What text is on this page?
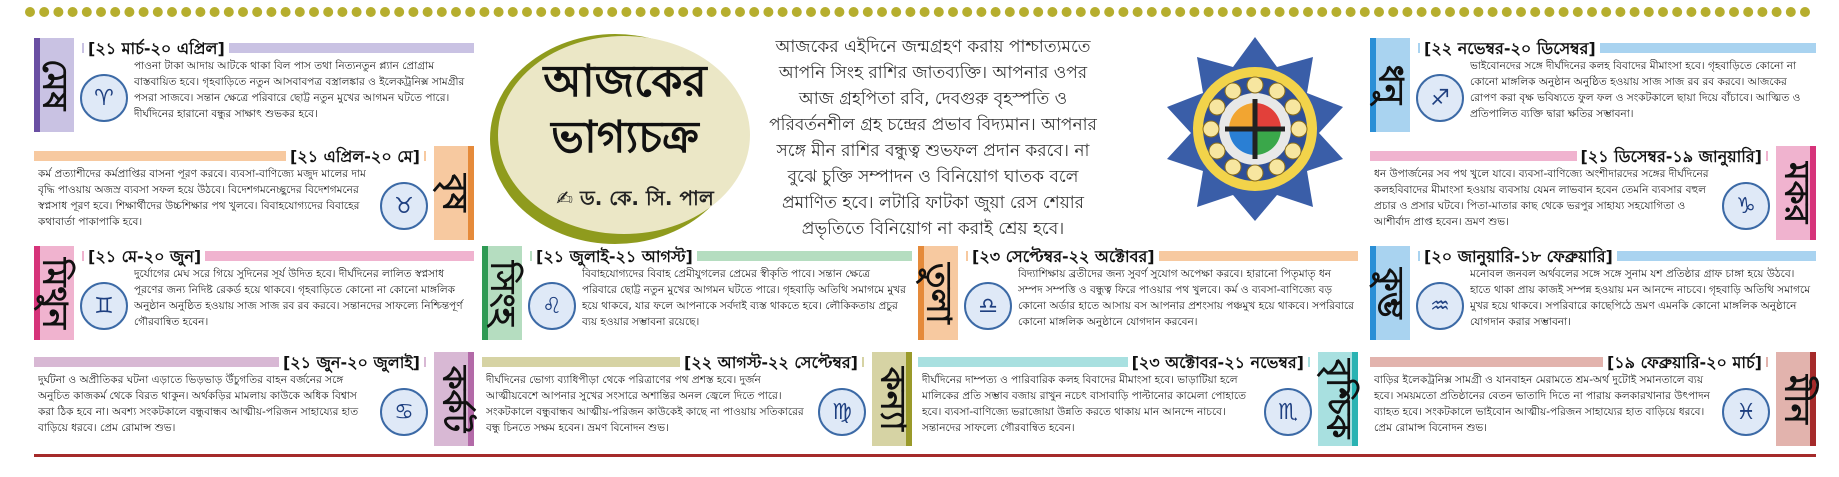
আজকের
ভাগ্যচক্র
✍ ড. কে. সি. পাল
আজকের এইদিনে জন্মগ্রহণ করায় পাশ্চাত্যমতে আপনি সিংহ রাশির জাতব্যক্তি। আপনার ওপর আজ গ্রহপিতা রবি, দেবগুরু বৃহস্পতি ও পরিবর্তনশীল গ্রহ চন্দ্রের প্রভাব বিদ্যমান। আপনার সঙ্গে মীন রাশির বন্ধুত্ব শুভফল প্রদান করবে। না বুঝে চুক্তি সম্পাদন ও বিনিয়োগ ঘাতক বলে প্রমাণিত হবে। লটারি ফাটকা জুয়া রেস শেয়ার প্রভৃতিতে বিনিয়োগ না করাই শ্রেয় হবে।
মেষ
[২১ মার্চ-২০ এপ্রিল]
♈
পাওনা টাকা আদায় আটকে থাকা বিল পাস তথা নিত্যনতুন প্ল্যান প্রোগ্রাম বাস্তবায়িত হবে। গৃহবাড়িতে নতুন আসবাবপত্র বস্ত্রালঙ্কার ও ইলেকট্রনিক্স সামগ্রীর পসরা সাজবে। সন্তান ক্ষেত্রে পরিবারে ছোট্ট নতুন মুখের আগমন ঘটতে পারে। দীর্ঘদিনের হারানো বন্ধুর সাক্ষাৎ শুভকর হবে।
বৃষ
[২১ এপ্রিল-২০ মে]
♉
কর্ম প্রত্যাশীদের কর্মপ্রাপ্তির বাসনা পূরণ করবে। ব্যবসা-বাণিজ্যে মজুদ মালের দাম বৃদ্ধি পাওয়ায় অজস্র ব্যবসা সফল হয়ে উঠবে। বিদেশগমনেচ্ছুদের বিদেশগমনের স্বপ্নসাধ পূরণ হবে। শিক্ষার্থীদের উচ্চশিক্ষার পথ খুলবে। বিবাহযোগ্যদের বিবাহের কথাবার্তা পাকাপাকি হবে।
মিথুন
[২১ মে-২০ জুন]
♊
দুর্যোগের মেঘ সরে গিয়ে সুদিনের সূর্য উদিত হবে। দীর্ঘদিনের লালিত স্বপ্নসাধ পূরণের জন্য নিদিষ্ট রেকর্ড হয়ে থাকবে। গৃহবাড়িতে কোনো না কোনো মাঙ্গলিক অনুষ্ঠান অনুষ্ঠিত হওয়ায় সাজ সাজ রব রব করবে। সন্তানদের সাফল্যে নিশ্চিন্তপূর্ণ গৌরবান্বিত হবেন।
কর্কট
[২১ জুন-২০ জুলাই]
♋
দুর্ঘটনা ও অপ্রীতিকর ঘটনা এড়াতে ভিড়ভাড় উঁচুগতির বাহন বর্জনের সঙ্গে অনুচিত কাজকর্ম থেকে বিরত থাকুন। অর্থকড়ির মামলায় কাউকে অধিক বিশ্বাস করা ঠিক হবে না। অবশ্য সংকটকালে বন্ধুবান্ধব আত্মীয়-পরিজন সাহায্যের হাত বাড়িয়ে ধরবে। প্রেম রোমান্স শুভ।
সিংহ
[২১ জুলাই-২১ আগস্ট]
♌
বিবাহযোগ্যদের বিবাহ প্রেমীযুগলের প্রেমের স্বীকৃতি পাবে। সন্তান ক্ষেত্রে পরিবারে ছোট্ট নতুন মুখের আগমন ঘটতে পারে। গৃহবাড়ি অতিথি সমাগমে মুখর হয়ে থাকবে, যার ফলে আপনাকে সর্বদাই ব্যস্ত থাকতে হবে। লৌকিকতায় প্রচুর ব্যয় হওয়ার সম্ভাবনা রয়েছে।
কন্যা
[২২ আগস্ট-২২ সেপ্টেম্বর]
♍
দীর্ঘদিনের ভোগ্য ব্যাধিপীড়া থেকে পরিত্রাণের পথ প্রশস্ত হবে। দুর্জন আত্মীয়বেশে আপনার সুখের সংসারে অশান্তির অনল জ্বেলে দিতে পারে। সংকটকালে বন্ধুবান্ধব আত্মীয়-পরিজন কাউকেই কাছে না পাওয়ায় সতিকারের বন্ধু চিনতে সক্ষম হবেন। ভ্রমণ বিনোদন শুভ।
তুলা
[২৩ সেপ্টেম্বর-২২ অক্টোবর]
♎
বিদ্যাশিক্ষায় ব্রতীদের জন্য সুবর্ণ সুযোগ অপেক্ষা করবে। হারানো পিতৃমাতৃ ধন সম্পদ সম্পত্তি ও বন্ধুত্ব ফিরে পাওয়ার পথ খুলবে। কর্ম ও ব্যবসা-বাণিজ্যে বড় কোনো অর্ডার হাতে আসায় বস আপনার প্রশংসায় পঞ্চমুখ হয়ে থাকবে। সপরিবারে কোনো মাঙ্গলিক অনুষ্ঠানে যোগদান করবেন।
বৃশ্চিক
[২৩ অক্টোবর-২১ নভেম্বর]
♏
দীর্ঘদিনের দাম্পত্য ও পারিবারিক কলহ বিবাদের মীমাংসা হবে। ভাড়াটিয়া হলে মালিকের প্রতি সম্ভাব বজায় রাখুন নচেৎ বাসাবাড়ি পাল্টানোর কামেলা পোহাতে হবে। ব্যবসা-বাণিজ্যে ভরাজোয়া উন্নতি করতে থাকায় মান আনন্দে নাচবে। সন্তানদের সাফল্যে গৌরবান্বিত হবেন।
ধনু
[২২ নভেম্বর-২০ ডিসেম্বর]
♐
ভাইবোনদের সঙ্গে দীর্ঘদিনের কলহ বিবাদের মীমাংসা হবে। গৃহবাড়িতে কোনো না কোনো মাঙ্গলিক অনুষ্ঠান অনুষ্ঠিত হওয়ায় সাজ সাজ রব রব করবে। আজকের রোপণ করা বৃক্ষ ভবিষ্যতে ফুল ফল ও সংকটকালে ছায়া দিয়ে বাঁচাবে। আত্মিত ও প্রতিপালিত ব্যক্তি দ্বারা ক্ষতির সম্ভাবনা।
মকর
[২১ ডিসেম্বর-১৯ জানুয়ারি]
♑
ধন উপার্জনের সব পথ খুলে যাবে। ব্যবসা-বাণিজ্যে অংশীদারদের সঙ্গের দীর্ঘদিনের কলহবিবাদের মীমাংসা হওয়ায় ব্যবসায় যেমন লাভবান হবেন তেমনি ব্যবসার বহুল প্রচার ও প্রসার ঘটবে। পিতা-মাতার কাছ থেকে ভরপুর সাহায্য সহযোগিতা ও আশীর্বাদ প্রাপ্ত হবেন। ভ্রমণ শুভ।
কুম্ভ
[২০ জানুয়ারি-১৮ ফেব্রুয়ারি]
♒
মনোবল জনবল অর্থবলের সঙ্গে সঙ্গে সুনাম যশ প্রতিষ্ঠার গ্রাফ চাঙ্গা হয়ে উঠবে। হাতে থাকা প্রায় কাজই সম্পন্ন হওয়ায় মন আনন্দে নাচবে। গৃহবাড়ি অতিথি সমাগমে মুখর হয়ে থাকবে। সপরিবারে কাছেপিঠে ভ্রমণ এমনকি কোনো মাঙ্গলিক অনুষ্ঠানে যোগদান করার সম্ভাবনা।
মীন
[১৯ ফেব্রুয়ারি-২০ মার্চ]
♓
বাড়ির ইলেকট্রনিক্স সামগ্রী ও যানবাহন মেরামতে শ্রম-অর্থ দুটোই সমানতালে ব্যয় হবে। সময়মতো প্রতিষ্ঠানের বেতন ভাতাদি দিতে না পারায় কলকারখানার উৎপাদন ব্যাহত হবে। সংকটকালে ভাইবোন আত্মীয়-পরিজন সাহায্যের হাত বাড়িয়ে ধরবে। প্রেম রোমান্স বিনোদন শুভ।
